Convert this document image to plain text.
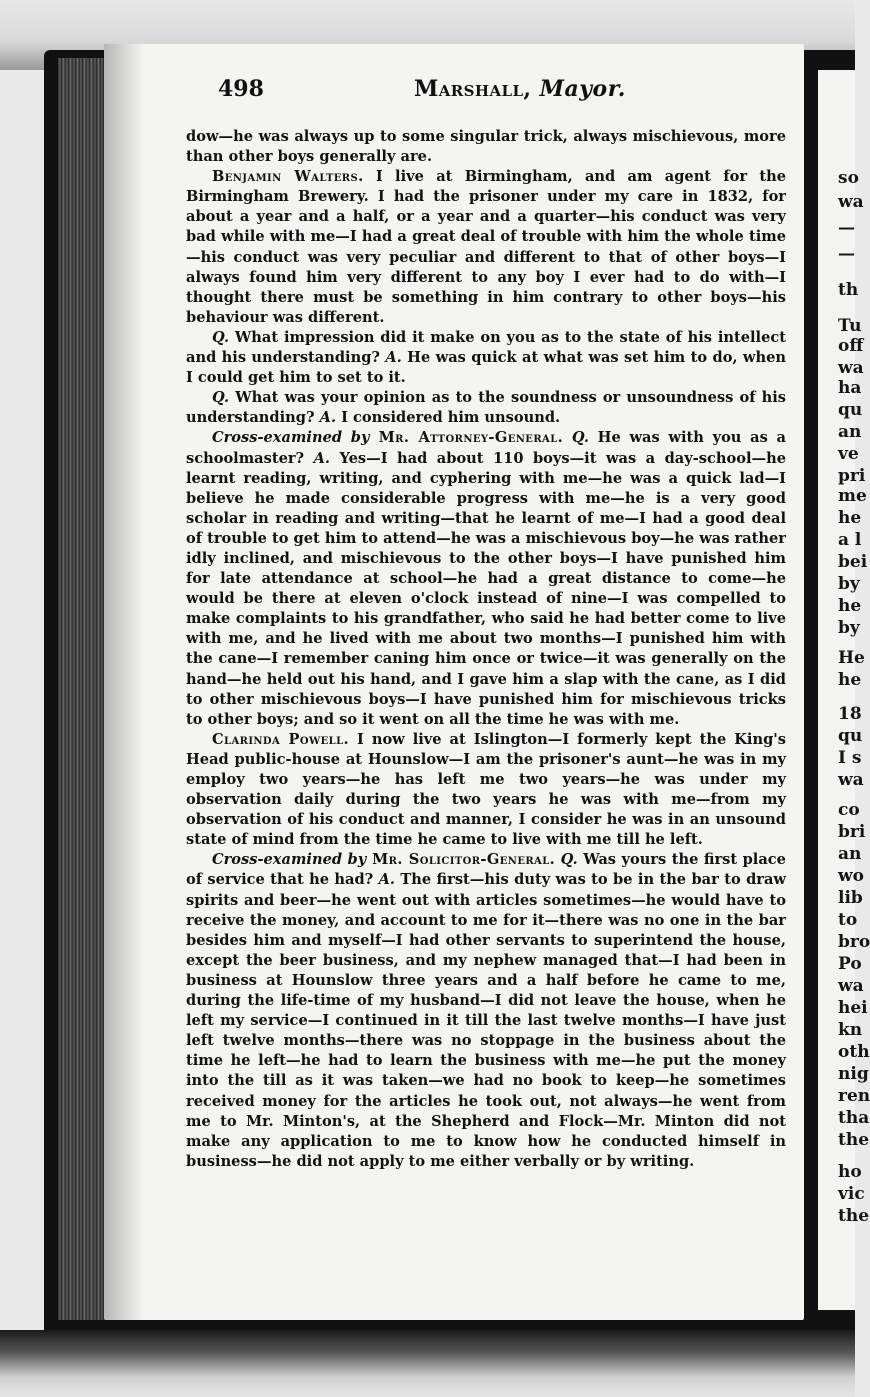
so
wa
—
—
th
Tu
off
wa
ha
qu
an
ve
pri
me
he
a l
bei
by
he
by
He
he
18
qu
I s
wa
co
bri
an
wo
lib
to
bro
Po
wa
hei
kn
oth
nig
ren
tha
the
ho
vic
the
498	Marshall, Mayor.

dow—he was always up to some singular trick, always mischievous, more than other boys generally are.

Benjamin Walters. I live at Birmingham, and am agent for the Birmingham Brewery. I had the prisoner under my care in 1832, for about a year and a half, or a year and a quarter—his conduct was very bad while with me—I had a great deal of trouble with him the whole time—his conduct was very peculiar and different to that of other boys—I always found him very different to any boy I ever had to do with—I thought there must be something in him contrary to other boys—his behaviour was different.

Q. What impression did it make on you as to the state of his intellect and his understanding? A. He was quick at what was set him to do, when I could get him to set to it.

Q. What was your opinion as to the soundness or unsoundness of his understanding? A. I considered him unsound.

Cross-examined by Mr. Attorney-General. Q. He was with you as a schoolmaster? A. Yes—I had about 110 boys—it was a day-school—he learnt reading, writing, and cyphering with me—he was a quick lad—I believe he made considerable progress with me—he is a very good scholar in reading and writing—that he learnt of me—I had a good deal of trouble to get him to attend—he was a mischievous boy—he was rather idly inclined, and mischievous to the other boys—I have punished him for late attendance at school—he had a great distance to come—he would be there at eleven o'clock instead of nine—I was compelled to make complaints to his grandfather, who said he had better come to live with me, and he lived with me about two months—I punished him with the cane—I remember caning him once or twice—it was generally on the hand—he held out his hand, and I gave him a slap with the cane, as I did to other mischievous boys—I have punished him for mischievous tricks to other boys; and so it went on all the time he was with me.

Clarinda Powell. I now live at Islington—I formerly kept the King's Head public-house at Hounslow—I am the prisoner's aunt—he was in my employ two years—he has left me two years—he was under my observation daily during the two years he was with me—from my observation of his conduct and manner, I consider he was in an unsound state of mind from the time he came to live with me till he left.

Cross-examined by Mr. Solicitor-General. Q. Was yours the first place of service that he had? A. The first—his duty was to be in the bar to draw spirits and beer—he went out with articles sometimes—he would have to receive the money, and account to me for it—there was no one in the bar besides him and myself—I had other servants to superintend the house, except the beer business, and my nephew managed that—I had been in business at Hounslow three years and a half before he came to me, during the life-time of my husband—I did not leave the house, when he left my service—I continued in it till the last twelve months—I have just left twelve months—there was no stoppage in the business about the time he left—he had to learn the business with me—he put the money into the till as it was taken—we had no book to keep—he sometimes received money for the articles he took out, not always—he went from me to Mr. Minton's, at the Shepherd and Flock—Mr. Minton did not make any application to me to know how he conducted himself in business—he did not apply to me either verbally or by writing.
